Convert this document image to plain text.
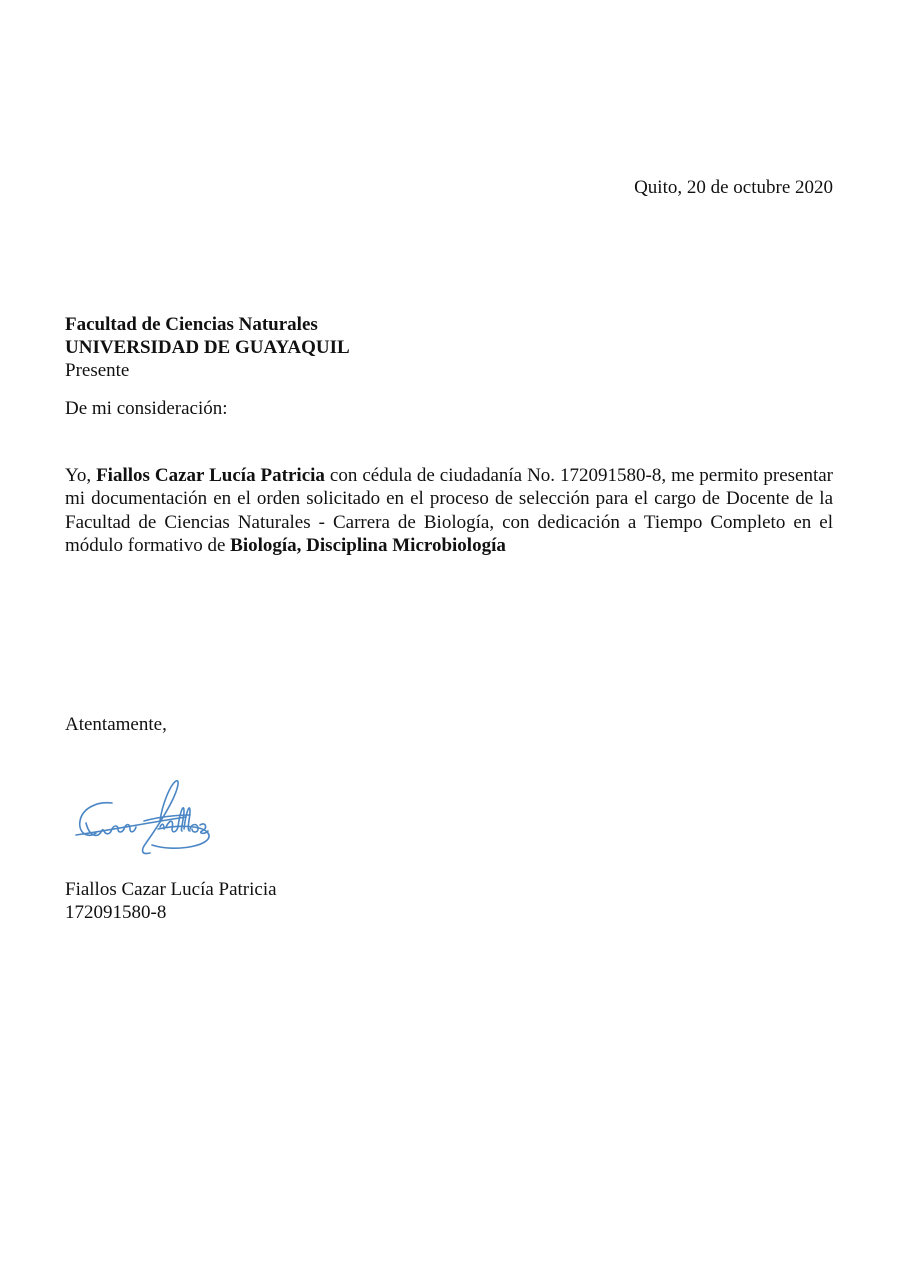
Quito, 20 de octubre 2020
Facultad de Ciencias Naturales
UNIVERSIDAD DE GUAYAQUIL
Presente
De mi consideración:
Yo, Fiallos Cazar Lucía Patricia con cédula de ciudadanía No. 172091580-8, me permito presentar mi documentación en el orden solicitado en el proceso de selección para el cargo de Docente de la Facultad de Ciencias Naturales - Carrera de Biología, con dedicación a Tiempo Completo en el módulo formativo de Biología, Disciplina Microbiología
Atentamente,
Fiallos Cazar Lucía Patricia
172091580-8
